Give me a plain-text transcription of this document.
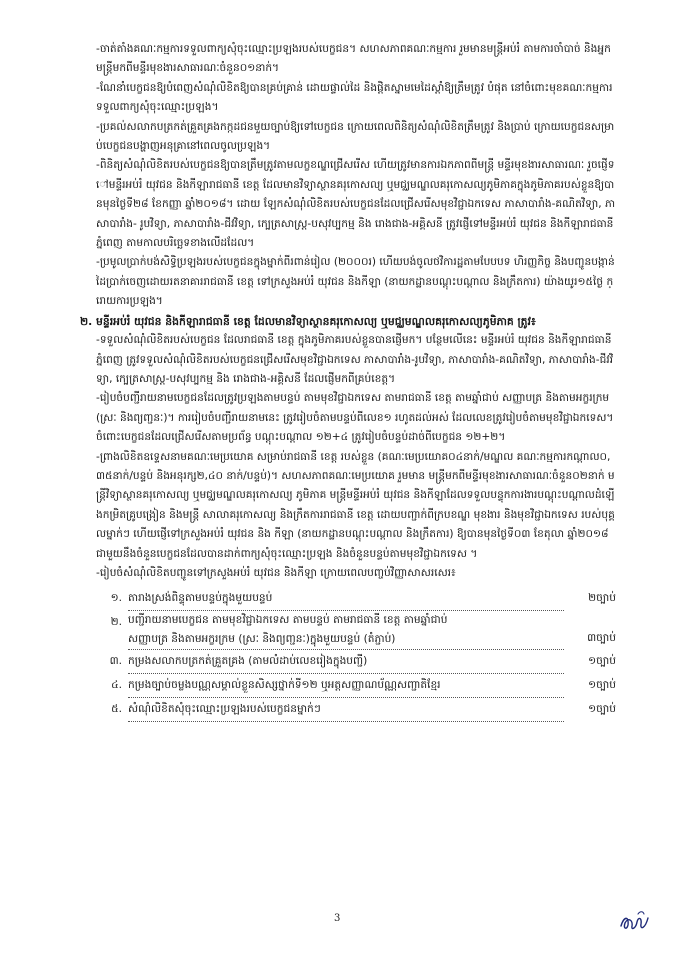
-ចាត់តាំងគណៈកម្មការទទួលពាក្យសុំចុះឈ្មោះប្រឡងរបស់បេក្ខជន។ សហសភាពគណៈកម្មការ រួមមានមន្ត្រីអប់រំ តាមការចាំបាច់ និងអ្នកមន្ត្រីមកពីមន្ទីរមុខងារសាធារណៈចំនួន០១នាក់។

-ណែនាំបេក្ខជនឱ្យបំពេញសំណុំលិខិតឱ្យបានគ្រប់គ្រាន់ ដោយផ្ទាល់ដៃ និងផ្តិតស្នាមមេដៃស្តាំឱ្យត្រឹមត្រូវ បំផុត នៅចំពោះមុខគណៈកម្មការទទួលពាក្យសុំចុះឈ្មោះប្រឡង។

-ប្រគល់សលាកបត្រកត់គ្រួតគ្រងកក្កដជនមួយច្បាប់ឱ្យទៅបេក្ខជន ក្រោយពេលពិនិត្យសំណុំលិខិតត្រឹមត្រូវ និងប្រាប់ ក្រោយបេក្ខជនសម្រាប់បេក្ខជនបង្ហាញអនុគ្រានៅពេលចូលប្រឡង។

-ពិនិត្យសំណុំលិខិតរបស់បេក្ខជនឱ្យបានត្រឹមត្រូវតាមលក្ខខណ្ឌជ្រើសរើស ហើយត្រូវមានការឯកភាពពីមន្ត្រី មន្ទីរមុខងារសាធារណៈ រួចផ្ញើទៅមន្ទីរអប់រំ យុវជន និងកីឡារាជធានី ខេត្ត ដែលមានវិទ្យាស្ថានគរុកោសល្យ ឬមជ្ឈមណ្ឌលគរុកោសល្យភូមិភាគក្នុងភូមិភាគរបស់ខ្លួនឱ្យបានមុនថ្ងៃទី២៨ ខែកញ្ញា ឆ្នាំ២០១៨។ ដោយ ឡែកសំណុំលិខិតរបស់បេក្ខជនដែលជ្រើសរើសមុខវិជ្ជាឯកទេស ភាសាបារាំង-គណិតវិទ្យា, ភាសាបារាំង- រូបវិទ្យា, ភាសាបារាំង-ជីវវិទ្យា, ក្បេត្រសាស្ត្រ-បសុវប្បកម្ម និង រោងជាង-អគ្គិសនី ត្រូវផ្ញើទៅមន្ទីរអប់រំ យុវជន និងកីឡារាជធានីភ្នំពេញ តាមកាលបរិច្ឆេទខាងលើដដែល។

-ប្រមូលប្រាក់បង់សិទ្ធិប្រឡងរបស់បេក្ខជនក្នុងម្នាក់ពីរពាន់រៀល (២០០០រ) ហើយបង់ចូលថវិការដ្ឋតាមបែបបទ ហិរញ្ញកិច្ច និងបញ្ជូនបង្កាន់ដៃប្រាក់ចេញដោយរតនាគាររាជធានី ខេត្ត ទៅក្រសួងអប់រំ យុវជន និងកីឡា (នាយកដ្ឋានបណ្តុះបណ្តាល និងក្រឹតការ) យ៉ាងយូរ១៥ថ្ងៃ ក្រោយការប្រឡង។

២. មន្ទីរអប់រំ យុវជន និងកីឡារាជធានី ខេត្ត ដែលមានវិទ្យាស្ថានគរុកោសល្យ ឬមជ្ឈមណ្ឌលគរុកោសល្យភូមិភាគ ត្រូវ៖

-ទទួលសំណុំលិខិតរបស់បេក្ខជន ដែលរាជធានី ខេត្ត ក្នុងភូមិភាគរបស់ខ្លួនបានផ្ញើមក។ បន្ថែមលើនេះ មន្ទីរអប់រំ យុវជន និងកីឡារាជធានីភ្នំពេញ ត្រូវទទួលសំណុំលិខិតរបស់បេក្ខជនជ្រើសរើសមុខវិជ្ជាឯកទេស ភាសាបារាំង-រូបវិទ្យា, ភាសាបារាំង-គណិតវិទ្យា, ភាសាបារាំង-ជីវវិទ្យា, ក្បេត្រសាស្ត្រ-បសុវប្បកម្ម និង រោងជាង-អគ្គិសនី ដែលផ្ញើមកពីគ្រប់ខេត្ត។

-រៀបចំបញ្ជីរាយនាមបេក្ខជនដែលត្រូវប្រឡងតាមបន្ទប់ តាមមុខវិជ្ជាឯកទេស តាមរាជធានី ខេត្ត តាមឆ្នាំជាប់ សញ្ញាបត្រ និងតាមអក្ខរក្រម (ស្រៈ និងព្យញ្ជនៈ)។ ការរៀបចំបញ្ជីរាយនាមនេះ ត្រូវរៀបចំតាមបន្ទប់ពីលេខ១ រហូតដល់អស់ ដែលលេខត្រូវរៀបចំតាមមុខវិជ្ជាឯកទេស។ ចំពោះបេក្ខជនដែលជ្រើសរើសតាមប្រព័ន្ធ បណ្តុះបណ្តាល ១២+៤ ត្រូវរៀបចំបន្ទប់ដាច់ពីបេក្ខជន ១២+២។

-ព្រាងលិខិតឧទ្ទេសនាមគណៈមេប្រយោគ សម្រាប់រាជធានី ខេត្ត របស់ខ្លួន (គណៈមេប្រយោគ០៤នាក់/មណ្ឌល គណៈកម្មការកណ្តាល០,៣៥នាក់/បន្ទប់ និងអនុរក្ស២,៤០ នាក់/បន្ទប់)។ សហសភាពគណៈមេប្រយោគ រួមមាន មន្ត្រីមកពីមន្ទីរមុខងារសាធារណៈចំនួន០២នាក់ មន្ត្រីវិទ្យាស្ថានគរុកោសល្យ ឬមជ្ឈមណ្ឌលគរុកោសល្យ ភូមិភាគ មន្ត្រីមន្ទីរអប់រំ យុវជន និងកីឡាដែលទទួលបន្ទុកការងារបណ្តុះបណ្តាលដំឡើងកម្រិតគ្រូបង្រៀន និងមន្ត្រី សាលាគរុកោសល្យ និងក្រឹតការរាជធានី ខេត្ត ដោយបញ្ជាក់ពីក្របខណ្ឌ មុខងារ និងមុខវិជ្ជាឯកទេស របស់បុគ្គលម្នាក់ៗ ហើយផ្ញើទៅក្រសួងអប់រំ យុវជន និង កីឡា (នាយកដ្ឋានបណ្តុះបណ្តាល និងក្រឹតការ) ឱ្យបានមុនថ្ងៃទី០៣ ខែតុលា ឆ្នាំ២០១៨ ជាមួយនឹងចំនួនបេក្ខជនដែលបានដាក់ពាក្យសុំចុះឈ្មោះប្រឡង និងចំនួនបន្ទប់តាមមុខវិជ្ជាឯកទេស ។

-រៀបចំសំណុំលិខិតបញ្ជូនទៅក្រសួងអប់រំ យុវជន និងកីឡា ក្រោយពេលបញ្ចប់វិញ្ញាសាសរសេរ៖

១. តារាងស្រង់ពិន្ទុតាមបន្ទប់ក្នុងមួយបន្ទប់	២ច្បាប់
២. បញ្ជីរាយនាមបេក្ខជន តាមមុខវិជ្ជាឯកទេស តាមបន្ទប់ តាមរាជធានី ខេត្ត តាមឆ្នាំជាប់
សញ្ញាបត្រ និងតាមអក្ខរក្រម (ស្រៈ និងព្យញ្ជនៈ)ក្នុងមួយបន្ទប់ (តំភ្ជាប់)	៣ច្បាប់
៣. កម្រងសលាកបត្រកត់គ្រួតគ្រង (តាមលំដាប់លេខរៀងក្នុងបញ្ជី)	១ច្បាប់
៤. កម្រងច្បាប់ចម្លងបណ្ណសម្គាល់ខ្លួនសិស្សថ្នាក់ទី១២ ឬអត្តសញ្ញាណប័ណ្ណសញ្ជាតិខ្មែរ	១ច្បាប់
៥. សំណុំលិខិតសុំចុះឈ្មោះប្រឡងរបស់បេក្ខជនម្នាក់ៗ	១ច្បាប់
3
